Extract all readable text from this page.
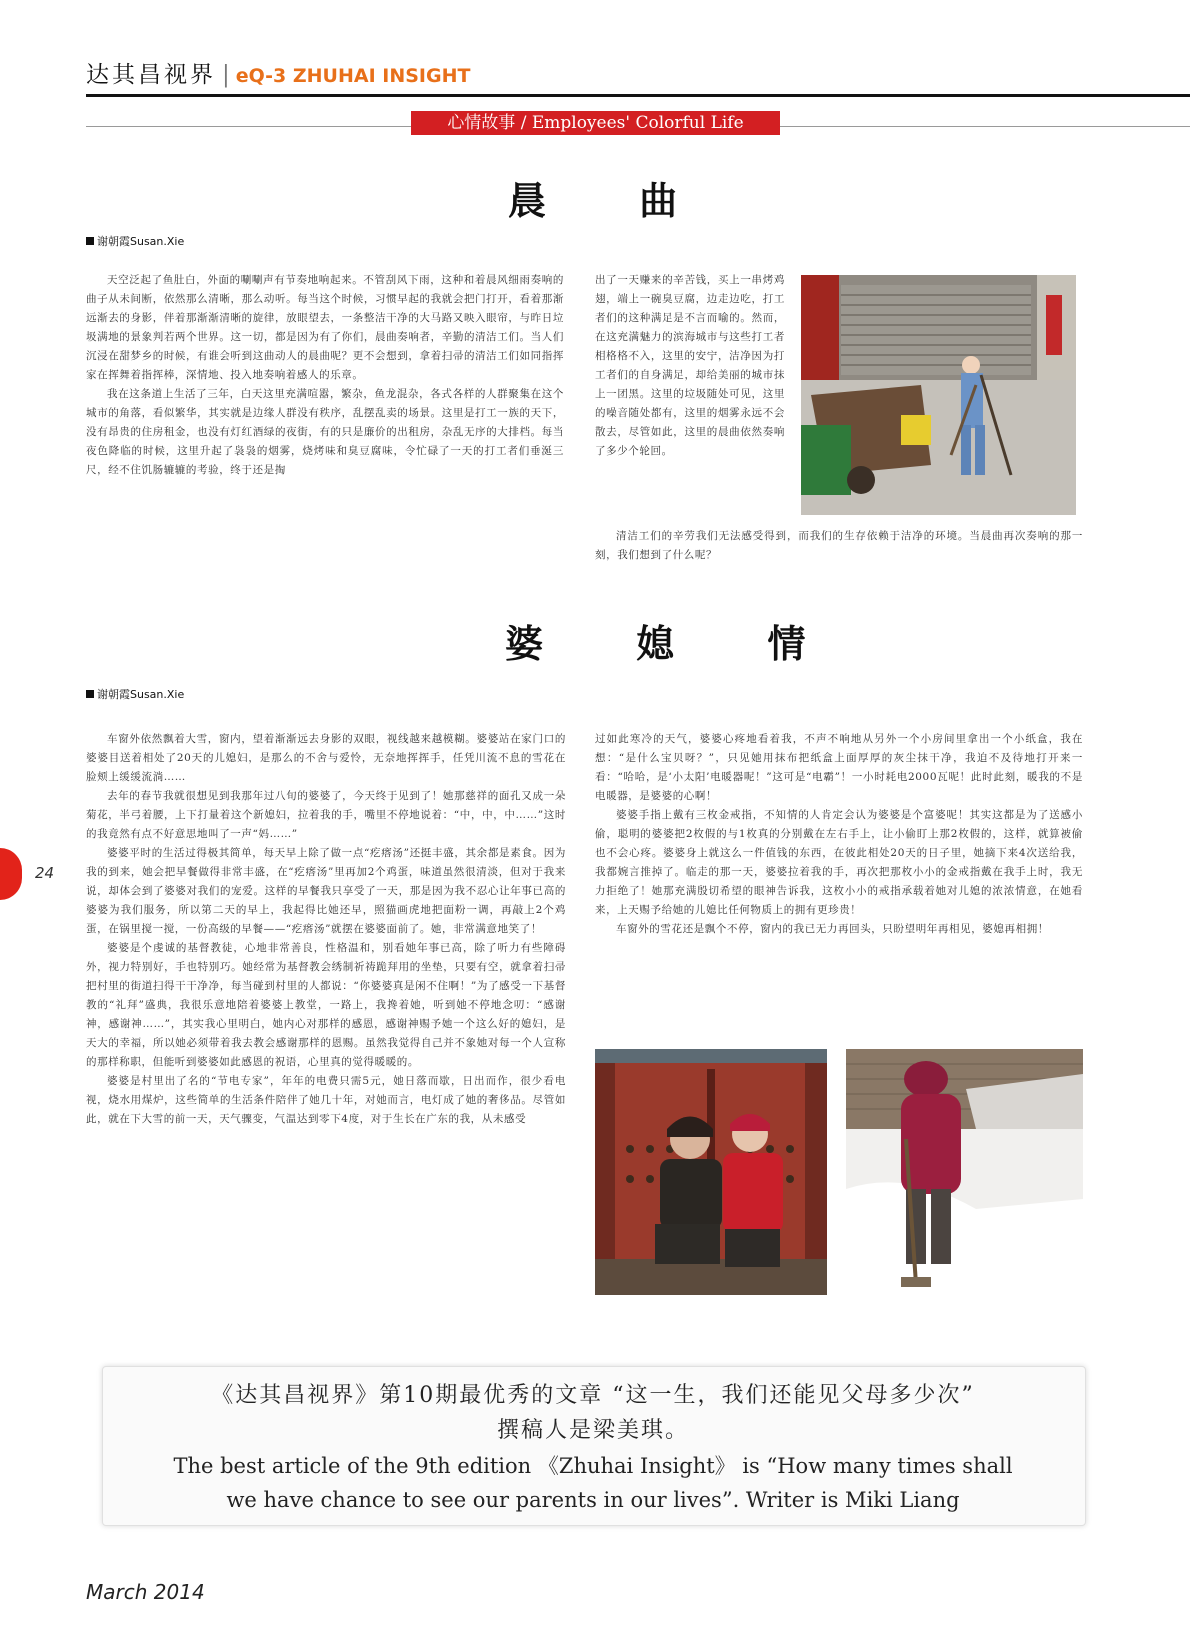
达其昌视界 | eQ-3 ZHUHAI INSIGHT
心情故事 / Employees' Colorful Life
晨 曲
谢朝霞Susan.Xie

天空泛起了鱼肚白，外面的唰唰声有节奏地响起来。不管刮风下雨，这种和着晨风细雨奏响的曲子从未间断，依然那么清晰，那么动听。每当这个时候，习惯早起的我就会把门打开，看着那渐远渐去的身影，伴着那渐渐清晰的旋律，放眼望去，一条整洁干净的大马路又映入眼帘，与昨日垃圾满地的景象判若两个世界。这一切，都是因为有了你们，晨曲奏响者，辛勤的清洁工们。当人们沉浸在甜梦乡的时候，有谁会听到这曲动人的晨曲呢？更不会想到，拿着扫帚的清洁工们如同指挥家在挥舞着指挥棒，深情地、投入地奏响着感人的乐章。

我在这条道上生活了三年，白天这里充满喧嚣，繁杂，鱼龙混杂，各式各样的人群聚集在这个城市的角落，看似繁华，其实就是边缘人群没有秩序，乱摆乱卖的场景。这里是打工一族的天下，没有昂贵的住房租金，也没有灯红酒绿的夜街，有的只是廉价的出租房，杂乱无序的大排档。每当夜色降临的时候，这里升起了袅袅的烟雾，烧烤味和臭豆腐味，令忙碌了一天的打工者们垂涎三尺，经不住饥肠辘辘的考验，终于还是掏

出了一天赚来的辛苦钱，买上一串烤鸡翅，端上一碗臭豆腐，边走边吃，打工者们的这种满足是不言而喻的。然而，在这充满魅力的滨海城市与这些打工者相格格不入，这里的安宁，洁净因为打工者们的自身满足，却给美丽的城市抹上一团黑。这里的垃圾随处可见，这里的噪音随处都有，这里的烟雾永远不会散去，尽管如此，这里的晨曲依然奏响了多少个轮回。

清洁工们的辛劳我们无法感受得到，而我们的生存依赖于洁净的环境。当晨曲再次奏响的那一刻，我们想到了什么呢？

婆 媳 情
谢朝霞Susan.Xie

车窗外依然飘着大雪，窗内，望着渐渐远去身影的双眼，视线越来越模糊。婆婆站在家门口的婆婆目送着相处了20天的儿媳妇，是那么的不舍与爱怜，无奈地挥挥手，任凭川流不息的雪花在脸颊上缓缓流淌……

去年的春节我就很想见到我那年过八旬的婆婆了，今天终于见到了！她那慈祥的面孔又成一朵菊花，半弓着腰，上下打量着这个新媳妇，拉着我的手，嘴里不停地说着：“中，中，中……”这时的我竟然有点不好意思地叫了一声“妈……”

婆婆平时的生活过得极其简单，每天早上除了做一点“疙瘩汤”还挺丰盛，其余都是素食。因为我的到来，她会把早餐做得非常丰盛，在“疙瘩汤”里再加2个鸡蛋，味道虽然很清淡，但对于我来说，却体会到了婆婆对我们的宠爱。这样的早餐我只享受了一天，那是因为我不忍心让年事已高的婆婆为我们服务，所以第二天的早上，我起得比她还早，照猫画虎地把面粉一调，再敲上2个鸡蛋，在锅里搅一搅，一份高级的早餐——“疙瘩汤”就摆在婆婆面前了。她，非常满意地笑了！

婆婆是个虔诚的基督教徒，心地非常善良，性格温和，别看她年事已高，除了听力有些障碍外，视力特别好，手也特别巧。她经常为基督教会绣制祈祷跪拜用的坐垫，只要有空，就拿着扫帚把村里的街道扫得干干净净，每当碰到村里的人都说：“你婆婆真是闲不住啊！”为了感受一下基督教的“礼拜”盛典，我很乐意地陪着婆婆上教堂，一路上，我搀着她，听到她不停地念叨：“感谢神，感谢神……”，其实我心里明白，她内心对那样的感恩，感谢神赐予她一个这么好的媳妇，是天大的幸福，所以她必须带着我去教会感谢那样的恩赐。虽然我觉得自己并不象她对每一个人宣称的那样称职，但能听到婆婆如此感恩的祝语，心里真的觉得暖暖的。

婆婆是村里出了名的“节电专家”，年年的电费只需5元，她日落而歇，日出而作，很少看电视，烧水用煤炉，这些简单的生活条件陪伴了她几十年，对她而言，电灯成了她的奢侈品。尽管如此，就在下大雪的前一天，天气骤变，气温达到零下4度，对于生长在广东的我，从未感受

过如此寒冷的天气，婆婆心疼地看着我，不声不响地从另外一个小房间里拿出一个小纸盒，我在想：“是什么宝贝呀？”，只见她用抹布把纸盒上面厚厚的灰尘抹干净，我迫不及待地打开来一看：“哈哈，是‘小太阳’电暖器呢！”这可是“电霸”！一小时耗电2000瓦呢！此时此刻，暖我的不是电暖器，是婆婆的心啊！

婆婆手指上戴有三枚金戒指，不知情的人肯定会认为婆婆是个富婆呢！其实这都是为了送感小偷，聪明的婆婆把2枚假的与1枚真的分别戴在左右手上，让小偷盯上那2枚假的，这样，就算被偷也不会心疼。婆婆身上就这么一件值钱的东西，在彼此相处20天的日子里，她摘下来4次送给我，我都婉言推掉了。临走的那一天，婆婆拉着我的手，再次把那枚小小的金戒指戴在我手上时，我无力拒绝了！她那充满殷切希望的眼神告诉我，这枚小小的戒指承载着她对儿媳的浓浓情意，在她看来，上天赐予给她的儿媳比任何物质上的拥有更珍贵！

车窗外的雪花还是飘个不停，窗内的我已无力再回头，只盼望明年再相见，婆媳再相拥！

24
《达其昌视界》第10期最优秀的文章 “这一生，我们还能见父母多少次”
撰稿人是梁美琪。
The best article of the 9th edition 《Zhuhai Insight》 is “How many times shall
we have chance to see our parents in our lives”. Writer is Miki Liang
March 2014
